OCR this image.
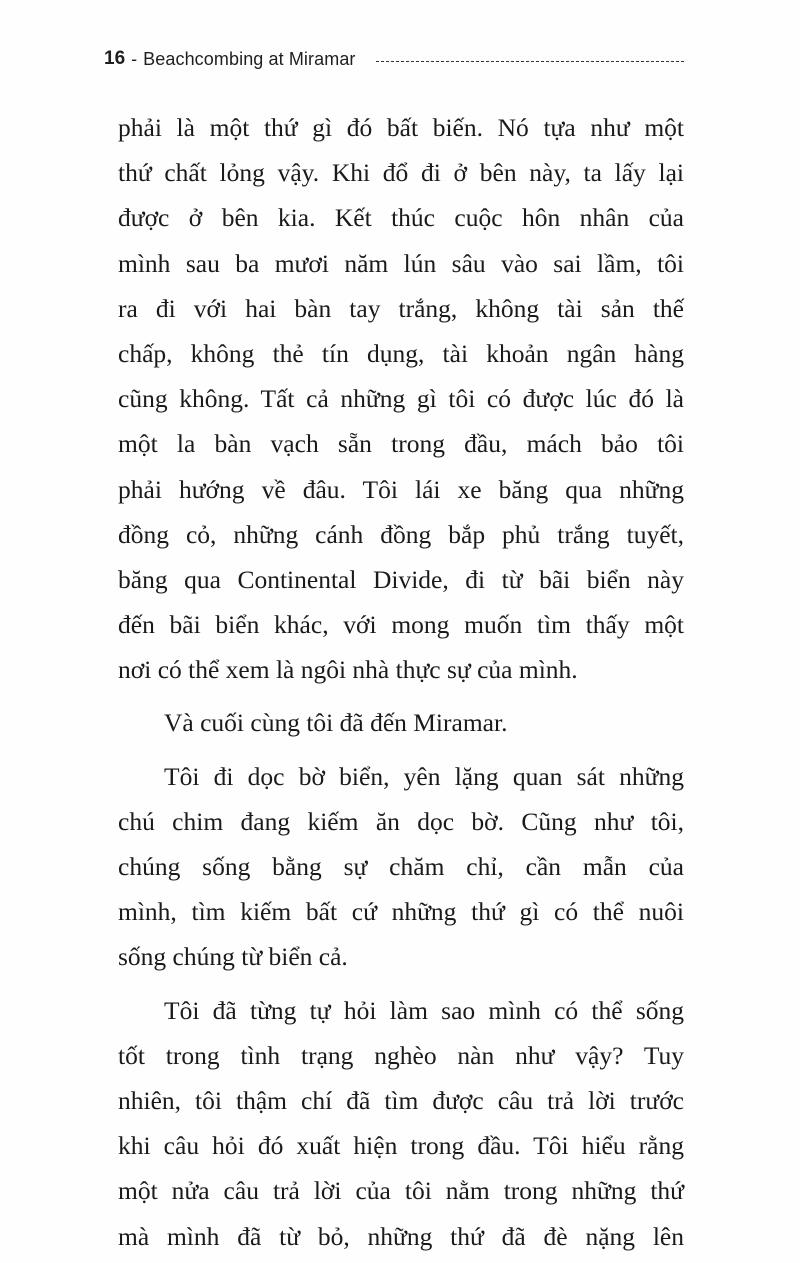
16 - Beachcombing at Miramar
phải là một thứ gì đó bất biến. Nó tựa như một
thứ chất lỏng vậy. Khi đổ đi ở bên này, ta lấy lại
được ở bên kia. Kết thúc cuộc hôn nhân của
mình sau ba mươi năm lún sâu vào sai lầm, tôi
ra đi với hai bàn tay trắng, không tài sản thế
chấp, không thẻ tín dụng, tài khoản ngân hàng
cũng không. Tất cả những gì tôi có được lúc đó là
một la bàn vạch sẵn trong đầu, mách bảo tôi
phải hướng về đâu. Tôi lái xe băng qua những
đồng cỏ, những cánh đồng bắp phủ trắng tuyết,
băng qua Continental Divide, đi từ bãi biển này
đến bãi biển khác, với mong muốn tìm thấy một
nơi có thể xem là ngôi nhà thực sự của mình.
Và cuối cùng tôi đã đến Miramar.
Tôi đi dọc bờ biển, yên lặng quan sát những
chú chim đang kiếm ăn dọc bờ. Cũng như tôi,
chúng sống bằng sự chăm chỉ, cần mẫn của
mình, tìm kiếm bất cứ những thứ gì có thể nuôi
sống chúng từ biển cả.
Tôi đã từng tự hỏi làm sao mình có thể sống
tốt trong tình trạng nghèo nàn như vậy? Tuy
nhiên, tôi thậm chí đã tìm được câu trả lời trước
khi câu hỏi đó xuất hiện trong đầu. Tôi hiểu rằng
một nửa câu trả lời của tôi nằm trong những thứ
mà mình đã từ bỏ, những thứ đã đè nặng lên
